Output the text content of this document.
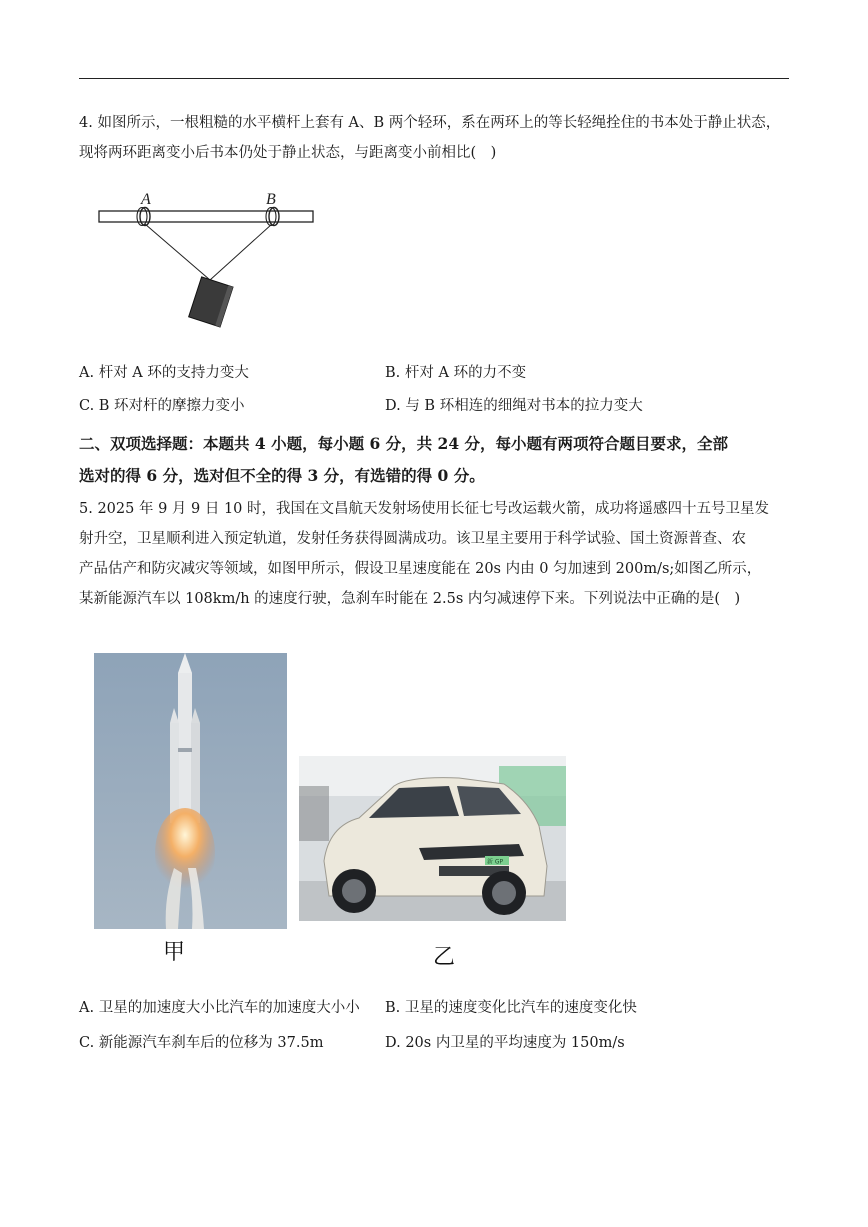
4. 如图所示，一根粗糙的水平横杆上套有 A、B 两个轻环，系在两环上的等长轻绳拴住的书本处于静止状态，
现将两环距离变小后书本仍处于静止状态，与距离变小前相比(　)
A	B
A. 杆对 A 环的支持力变大	B. 杆对 A 环的力不变
C. B 环对杆的摩擦力变小	D. 与 B 环相连的细绳对书本的拉力变大
二、双项选择题：本题共 4 小题，每小题 6 分，共 24 分，每小题有两项符合题目要求，全部
选对的得 6 分，选对但不全的得 3 分，有选错的得 0 分。
5. 2025 年 9 月 9 日 10 时，我国在文昌航天发射场使用长征七号改运载火箭，成功将遥感四十五号卫星发
射升空，卫星顺利进入预定轨道，发射任务获得圆满成功。该卫星主要用于科学试验、国土资源普查、农
产品估产和防灾减灾等领域，如图甲所示，假设卫星速度能在 20s 内由 0 匀加速到 200m/s;如图乙所示，
某新能源汽车以 108km/h 的速度行驶，急刹车时能在 2.5s 内匀减速停下来。下列说法中正确的是(　)
新 GP
甲	乙
A. 卫星的加速度大小比汽车的加速度大小小 B. 卫星的速度变化比汽车的速度变化快
C. 新能源汽车刹车后的位移为 37.5m	D. 20s 内卫星的平均速度为 150m/s
